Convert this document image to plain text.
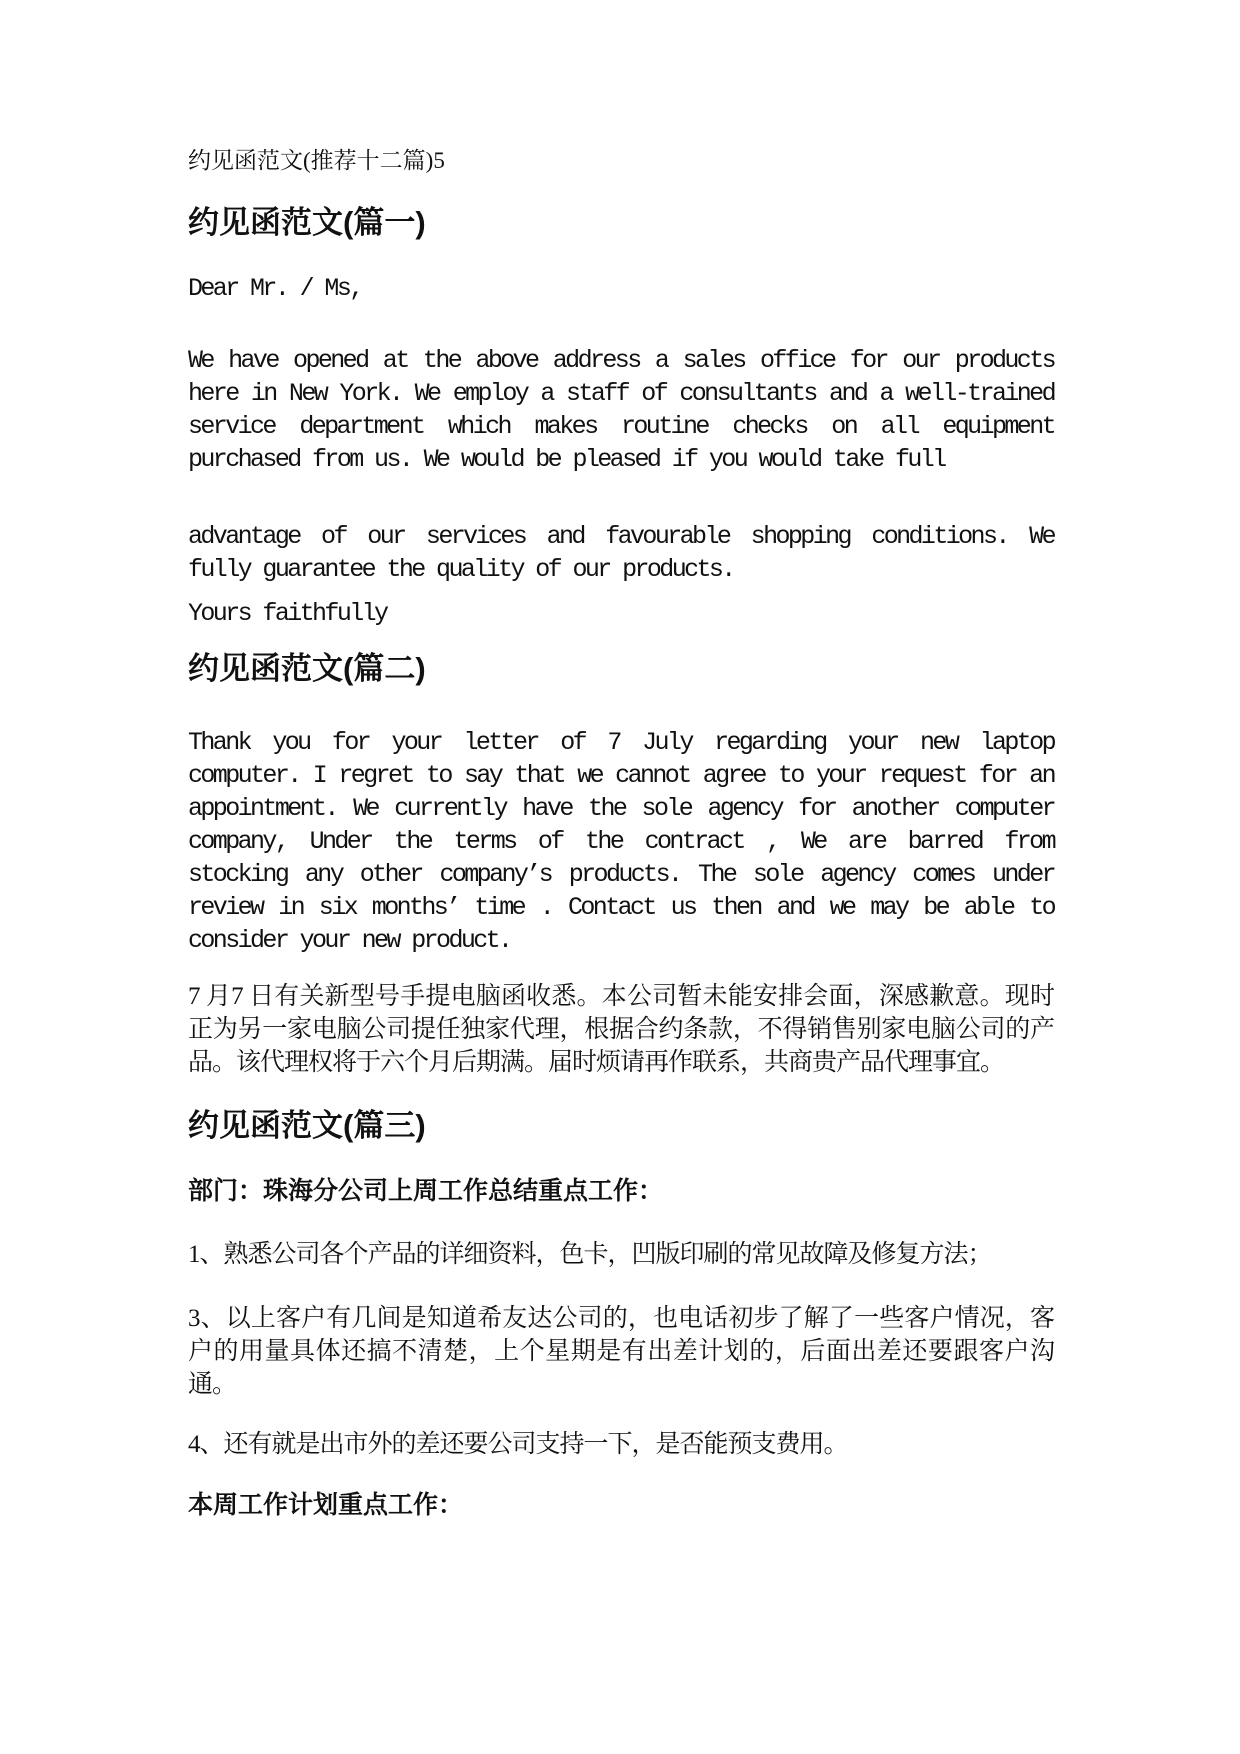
约见函范文(推荐十二篇)5
约见函范文(篇一)
Dear Mr. / Ms,
We have opened at the above address a sales office for our products
here in New York. We employ a staff of consultants and a well-trained
service department which makes routine checks on all equipment
purchased from us. We would be pleased if you would take full
advantage of our services and favourable shopping conditions. We
fully guarantee the quality of our products.
Yours faithfully
约见函范文(篇二)
Thank you for your letter of 7 July regarding your new laptop
computer. I regret to say that we cannot agree to your request for an
appointment. We currently have the sole agency for another computer
company, Under the terms of the contract , We are barred from
stocking any other company’s products. The sole agency comes under
review in six months’ time . Contact us then and we may be able to
consider your new product.
7 月7 日有关新型号手提电脑函收悉。本公司暂未能安排会面，深感歉意。现时
正为另一家电脑公司提任独家代理，根据合约条款，不得销售别家电脑公司的产
品。该代理权将于六个月后期满。届时烦请再作联系，共商贵产品代理事宜。
约见函范文(篇三)
部门：珠海分公司上周工作总结重点工作：
1、熟悉公司各个产品的详细资料，色卡，凹版印刷的常见故障及修复方法；
3、以上客户有几间是知道希友达公司的，也电话初步了解了一些客户情况，客
户的用量具体还搞不清楚，上个星期是有出差计划的，后面出差还要跟客户沟
通。
4、还有就是出市外的差还要公司支持一下，是否能预支费用。
本周工作计划重点工作：
